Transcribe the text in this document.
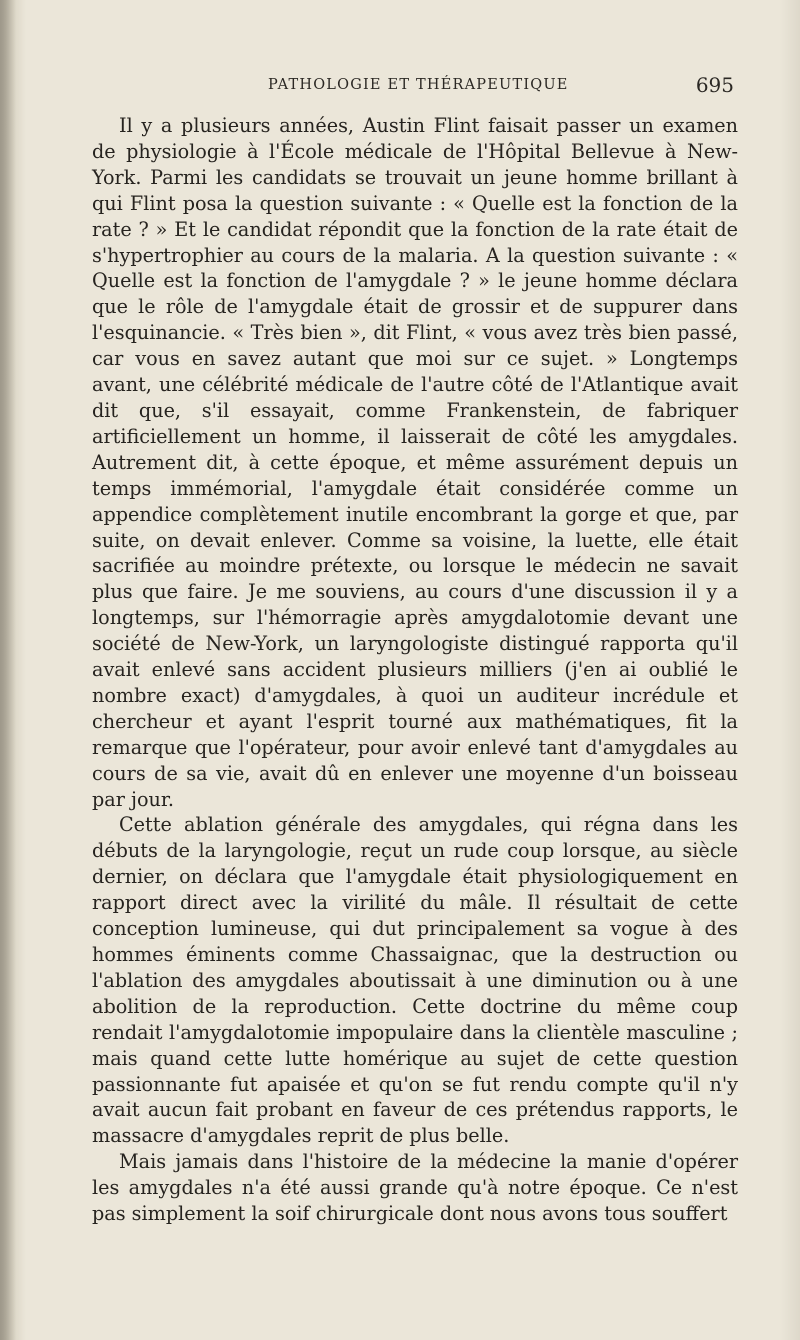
PATHOLOGIE ET THÉRAPEUTIQUE	695

Il y a plusieurs années, Austin Flint faisait passer un examen de physiologie à l'École médicale de l'Hôpital Bellevue à New-York. Parmi les candidats se trouvait un jeune homme brillant à qui Flint posa la question suivante : « Quelle est la fonction de la rate ? » Et le candidat répondit que la fonction de la rate était de s'hypertrophier au cours de la malaria. A la question suivante : « Quelle est la fonction de l'amygdale ? » le jeune homme déclara que le rôle de l'amygdale était de grossir et de suppurer dans l'esquinancie. « Très bien », dit Flint, « vous avez très bien passé, car vous en savez autant que moi sur ce sujet. » Longtemps avant, une célébrité médicale de l'autre côté de l'Atlantique avait dit que, s'il essayait, comme Frankenstein, de fabriquer artificiellement un homme, il laisserait de côté les amygdales. Autrement dit, à cette époque, et même assurément depuis un temps immémorial, l'amygdale était considérée comme un appendice complètement inutile encombrant la gorge et que, par suite, on devait enlever. Comme sa voisine, la luette, elle était sacrifiée au moindre prétexte, ou lorsque le médecin ne savait plus que faire. Je me souviens, au cours d'une discussion il y a longtemps, sur l'hémorragie après amygdalotomie devant une société de New-York, un laryngologiste distingué rapporta qu'il avait enlevé sans accident plusieurs milliers (j'en ai oublié le nombre exact) d'amygdales, à quoi un auditeur incrédule et chercheur et ayant l'esprit tourné aux mathématiques, fit la remarque que l'opérateur, pour avoir enlevé tant d'amygdales au cours de sa vie, avait dû en enlever une moyenne d'un boisseau par jour.

Cette ablation générale des amygdales, qui régna dans les débuts de la laryngologie, reçut un rude coup lorsque, au siècle dernier, on déclara que l'amygdale était physiologiquement en rapport direct avec la virilité du mâle. Il résultait de cette conception lumineuse, qui dut principalement sa vogue à des hommes éminents comme Chassaignac, que la destruction ou l'ablation des amygdales aboutissait à une diminution ou à une abolition de la reproduction. Cette doctrine du même coup rendait l'amygdalotomie impopulaire dans la clientèle masculine ; mais quand cette lutte homérique au sujet de cette question passionnante fut apaisée et qu'on se fut rendu compte qu'il n'y avait aucun fait probant en faveur de ces prétendus rapports, le massacre d'amygdales reprit de plus belle.

Mais jamais dans l'histoire de la médecine la manie d'opérer les amygdales n'a été aussi grande qu'à notre époque. Ce n'est pas simplement la soif chirurgicale dont nous avons tous souffert
